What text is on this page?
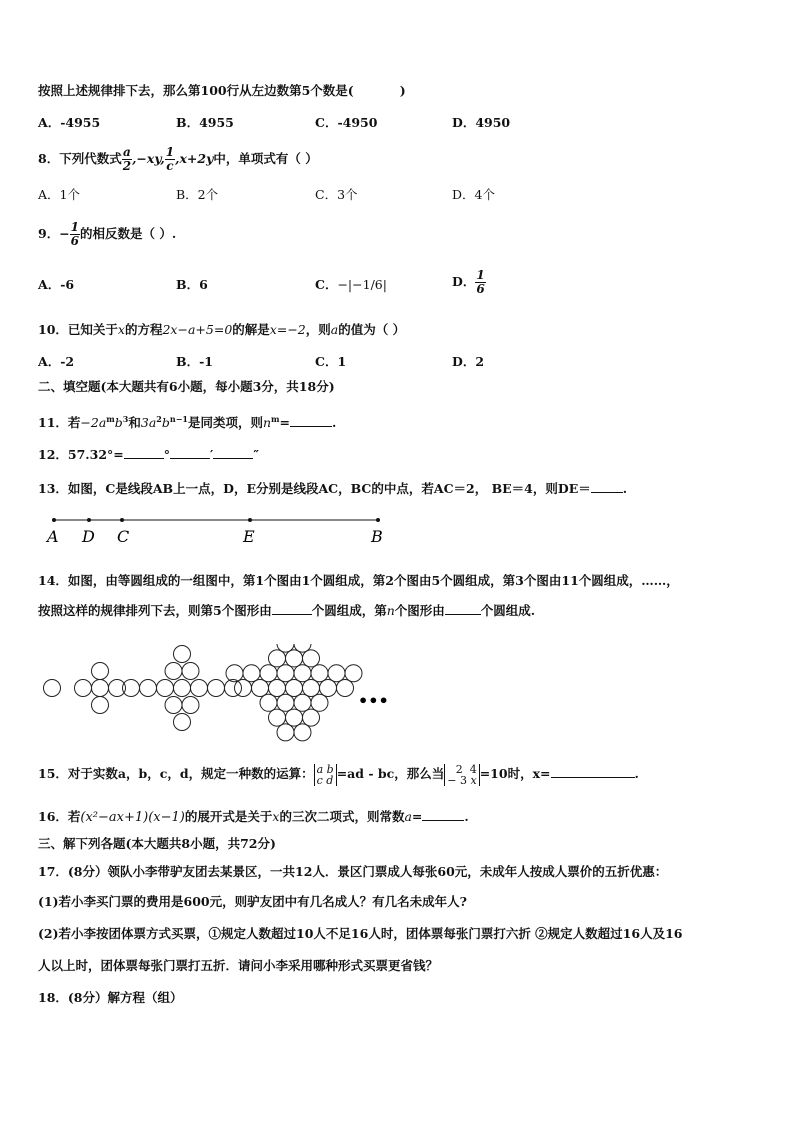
按照上述规律排下去，那么第100行从左边数第5个数是(	)
A．-4955	B．4955	C．-4950	D．4950
8．下列代数式 $\frac{a}{2} ,-xy$, $\frac{1}{c} ,x+2y$中，单项式有（ ）
A．1个	B．2个	C．3个	D．4个
9．− $\frac{1}{6}$ 的相反数是（ ）.
A．-6	B．6	C．−|−1/6|	D． $\frac{1}{6}$
10．已知关于x的方程2x−a+5=0的解是x=−2，则a的值为（ ）
A．-2	B．-1	C．1	D．2
二、填空题(本大题共有6小题，每小题3分，共18分)
11．若$-2a^mb^3$和$3a^2b^{n-1}$是同类项，则$n^m=$	.
12．57.32°=	°	′	″
13．如图，C是线段AB上一点，D，E分别是线段AC，BC的中点，若AC＝2， BE＝4，则DE＝	.
A D C	E	B
14．如图，由等圆组成的一组图中，第1个图由1个圆组成，第2个图由5个圆组成，第3个图由11个圆组成，……，
按照这样的规律排列下去，则第5个图形由	个圆组成，第n个图形由	个圆组成.
•••
15．对于实数a，b，c，d，规定一种数的运算： a b
c d =ad - bc，那么当 2 4
− 3 x =10时，x=	.
16．若(x²−ax+1)(x−1)的展开式是关于x的三次二项式，则常数a=	.
三、解下列各题(本大题共8小题，共72分)
17．(8分）领队小李带驴友团去某景区，一共12人．景区门票成人每张60元，未成年人按成人票价的五折优惠：
(1)若小李买门票的费用是600元，则驴友团中有几名成人？有几名未成年人?
(2)若小李按团体票方式买票，①规定人数超过10人不足16人时，团体票每张门票打六折 ②规定人数超过16人及16
人以上时，团体票每张门票打五折．请问小李采用哪种形式买票更省钱？
18．(8分）解方程（组）
